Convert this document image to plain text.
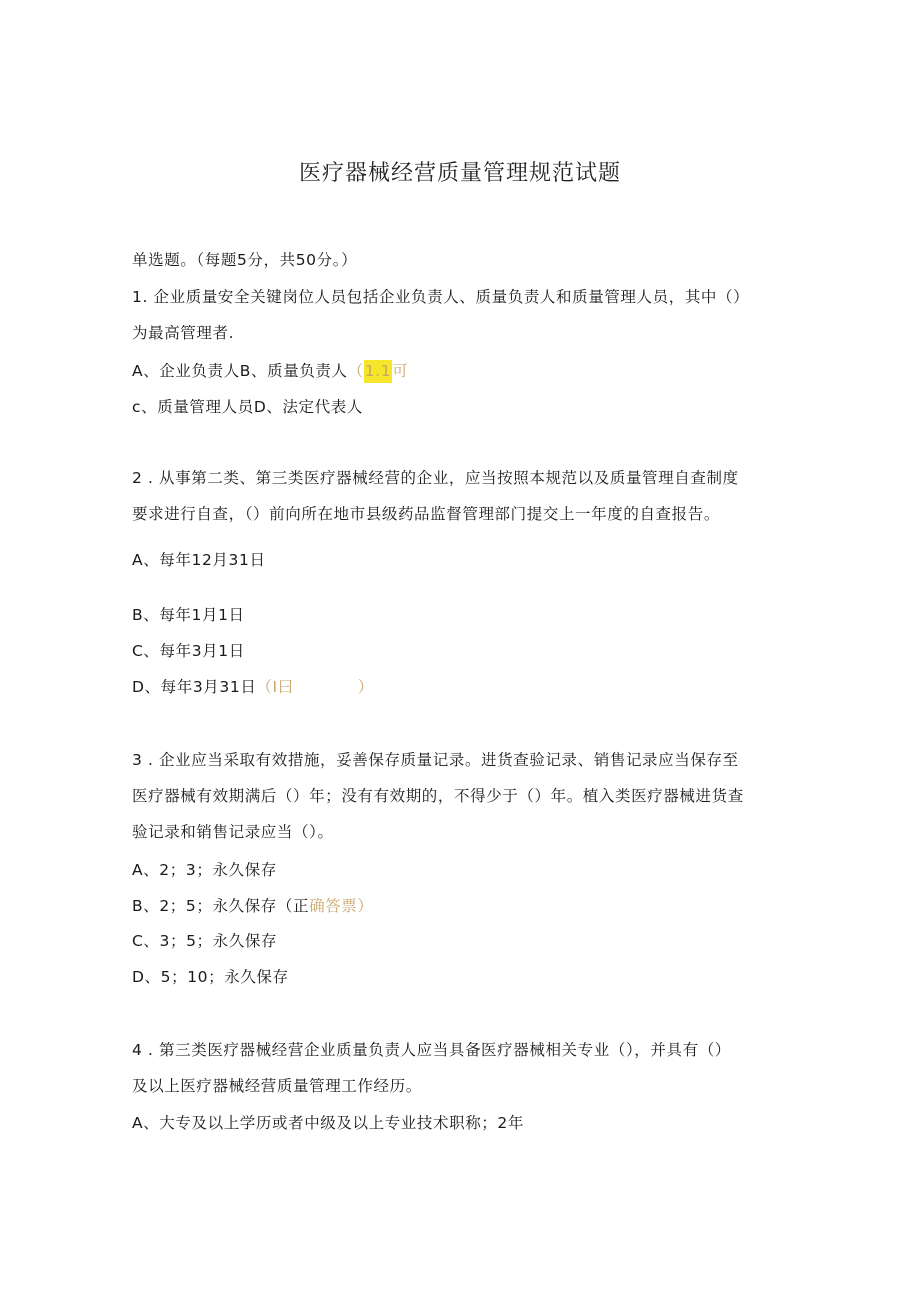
医疗器械经营质量管理规范试题
单选题。（每题5分，共50分。）
1. 企业质量安全关键岗位人员包括企业负责人、质量负责人和质量管理人员，其中（）
为最高管理者.
A、企业负责人B、质量负责人（1.1可
c、质量管理人员D、法定代表人
2 . 从事第二类、第三类医疗器械经营的企业，应当按照本规范以及质量管理自查制度
要求进行自查，（）前向所在地市县级药品监督管理部门提交上一年度的自查报告。
A、每年12月31日
B、每年1月1日
C、每年3月1日
D、每年3月31日（I曰	）
3 . 企业应当采取有效措施，妥善保存质量记录。进货查验记录、销售记录应当保存至
医疗器械有效期满后（）年；没有有效期的，不得少于（）年。植入类医疗器械进货查
验记录和销售记录应当（）。
A、2；3；永久保存
B、2；5；永久保存（正确答票）
C、3；5；永久保存
D、5；10；永久保存
4 . 第三类医疗器械经营企业质量负责人应当具备医疗器械相关专业（），并具有（）
及以上医疗器械经营质量管理工作经历。
A、大专及以上学历或者中级及以上专业技术职称；2年
